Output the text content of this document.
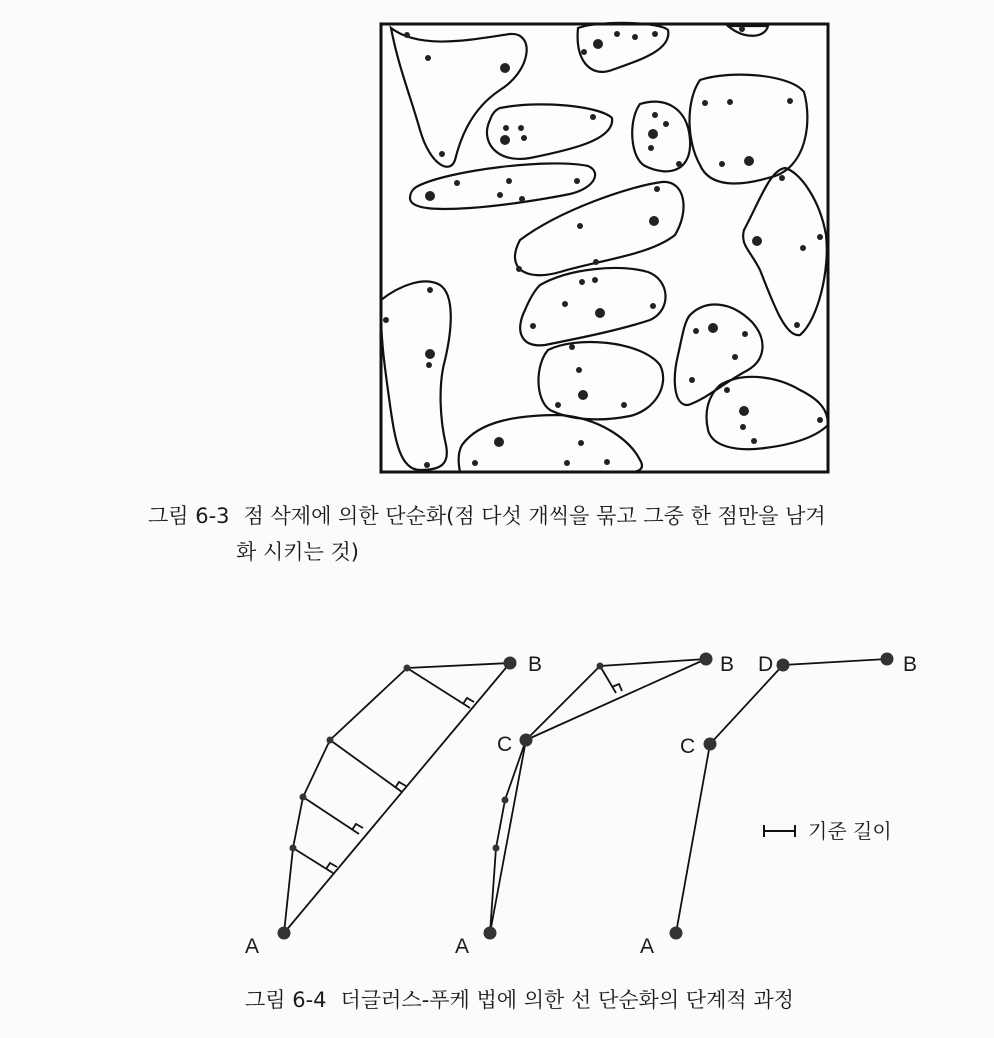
A
B
A
B
C
A
B
C
D
기준 길이
그림 6-3 점 삭제에 의한 단순화(점 다섯 개씩을 묶고 그중 한 점만을 남겨
화 시키는 것)
그림 6-4 더글러스-푸케 법에 의한 선 단순화의 단계적 과정
